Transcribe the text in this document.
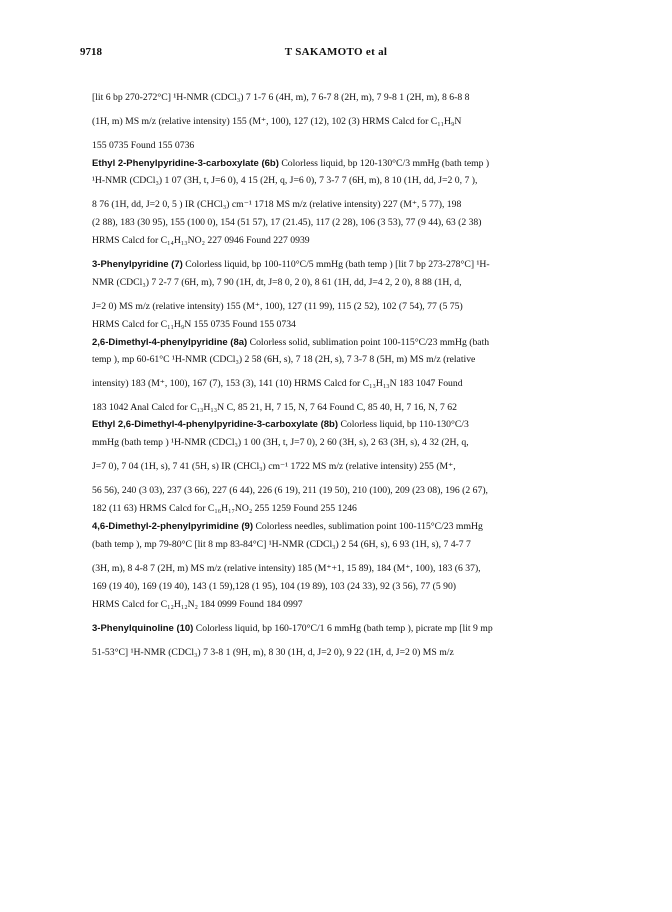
9718	T SAKAMOTO et al
[lit 6 bp 270-272°C] ¹H-NMR (CDCl₃) 7 1-7 6 (4H, m), 7 6-7 8 (2H, m), 7 9-8 1 (2H, m), 8 6-8 8
(1H, m) MS m/z (relative intensity) 155 (M⁺, 100), 127 (12), 102 (3) HRMS Calcd for C₁₁H₉N
155 0735 Found 155 0736
Ethyl 2-Phenylpyridine-3-carboxylate (6b) Colorless liquid, bp 120-130°C/3 mmHg (bath temp )
¹H-NMR (CDCl₃) 1 07 (3H, t, J=6 0), 4 15 (2H, q, J=6 0), 7 3-7 7 (6H, m), 8 10 (1H, dd, J=2 0, 7 ),
8 76 (1H, dd, J=2 0, 5 ) IR (CHCl₃) cm⁻¹ 1718 MS m/z (relative intensity) 227 (M⁺, 5 77), 198
(2 88), 183 (30 95), 155 (100 0), 154 (51 57), 17 (21.45), 117 (2 28), 106 (3 53), 77 (9 44), 63 (2 38)
HRMS Calcd for C₁₄H₁₃NO₂ 227 0946 Found 227 0939
3-Phenylpyridine (7) Colorless liquid, bp 100-110°C/5 mmHg (bath temp ) [lit 7 bp 273-278°C] ¹H-
NMR (CDCl₃) 7 2-7 7 (6H, m), 7 90 (1H, dt, J=8 0, 2 0), 8 61 (1H, dd, J=4 2, 2 0), 8 88 (1H, d,
J=2 0) MS m/z (relative intensity) 155 (M⁺, 100), 127 (11 99), 115 (2 52), 102 (7 54), 77 (5 75)
HRMS Calcd for C₁₁H₉N 155 0735 Found 155 0734
2,6-Dimethyl-4-phenylpyridine (8a) Colorless solid, sublimation point 100-115°C/23 mmHg (bath
temp ), mp 60-61°C ¹H-NMR (CDCl₃) 2 58 (6H, s), 7 18 (2H, s), 7 3-7 8 (5H, m) MS m/z (relative
intensity) 183 (M⁺, 100), 167 (7), 153 (3), 141 (10) HRMS Calcd for C₁₃H₁₃N 183 1047 Found
183 1042 Anal Calcd for C₁₃H₁₃N C, 85 21, H, 7 15, N, 7 64 Found C, 85 40, H, 7 16, N, 7 62
Ethyl 2,6-Dimethyl-4-phenylpyridine-3-carboxylate (8b) Colorless liquid, bp 110-130°C/3
mmHg (bath temp ) ¹H-NMR (CDCl₃) 1 00 (3H, t, J=7 0), 2 60 (3H, s), 2 63 (3H, s), 4 32 (2H, q,
J=7 0), 7 04 (1H, s), 7 41 (5H, s) IR (CHCl₃) cm⁻¹ 1722 MS m/z (relative intensity) 255 (M⁺,
56 56), 240 (3 03), 237 (3 66), 227 (6 44), 226 (6 19), 211 (19 50), 210 (100), 209 (23 08), 196 (2 67),
182 (11 63) HRMS Calcd for C₁₆H₁₇NO₂ 255 1259 Found 255 1246
4,6-Dimethyl-2-phenylpyrimidine (9) Colorless needles, sublimation point 100-115°C/23 mmHg
(bath temp ), mp 79-80°C [lit 8 mp 83-84°C] ¹H-NMR (CDCl₃) 2 54 (6H, s), 6 93 (1H, s), 7 4-7 7
(3H, m), 8 4-8 7 (2H, m) MS m/z (relative intensity) 185 (M⁺+1, 15 89), 184 (M⁺, 100), 183 (6 37),
169 (19 40), 169 (19 40), 143 (1 59),128 (1 95), 104 (19 89), 103 (24 33), 92 (3 56), 77 (5 90)
HRMS Calcd for C₁₂H₁₂N₂ 184 0999 Found 184 0997
3-Phenylquinoline (10) Colorless liquid, bp 160-170°C/1 6 mmHg (bath temp ), picrate mp [lit 9 mp
51-53°C] ¹H-NMR (CDCl₃) 7 3-8 1 (9H, m), 8 30 (1H, d, J=2 0), 9 22 (1H, d, J=2 0) MS m/z
